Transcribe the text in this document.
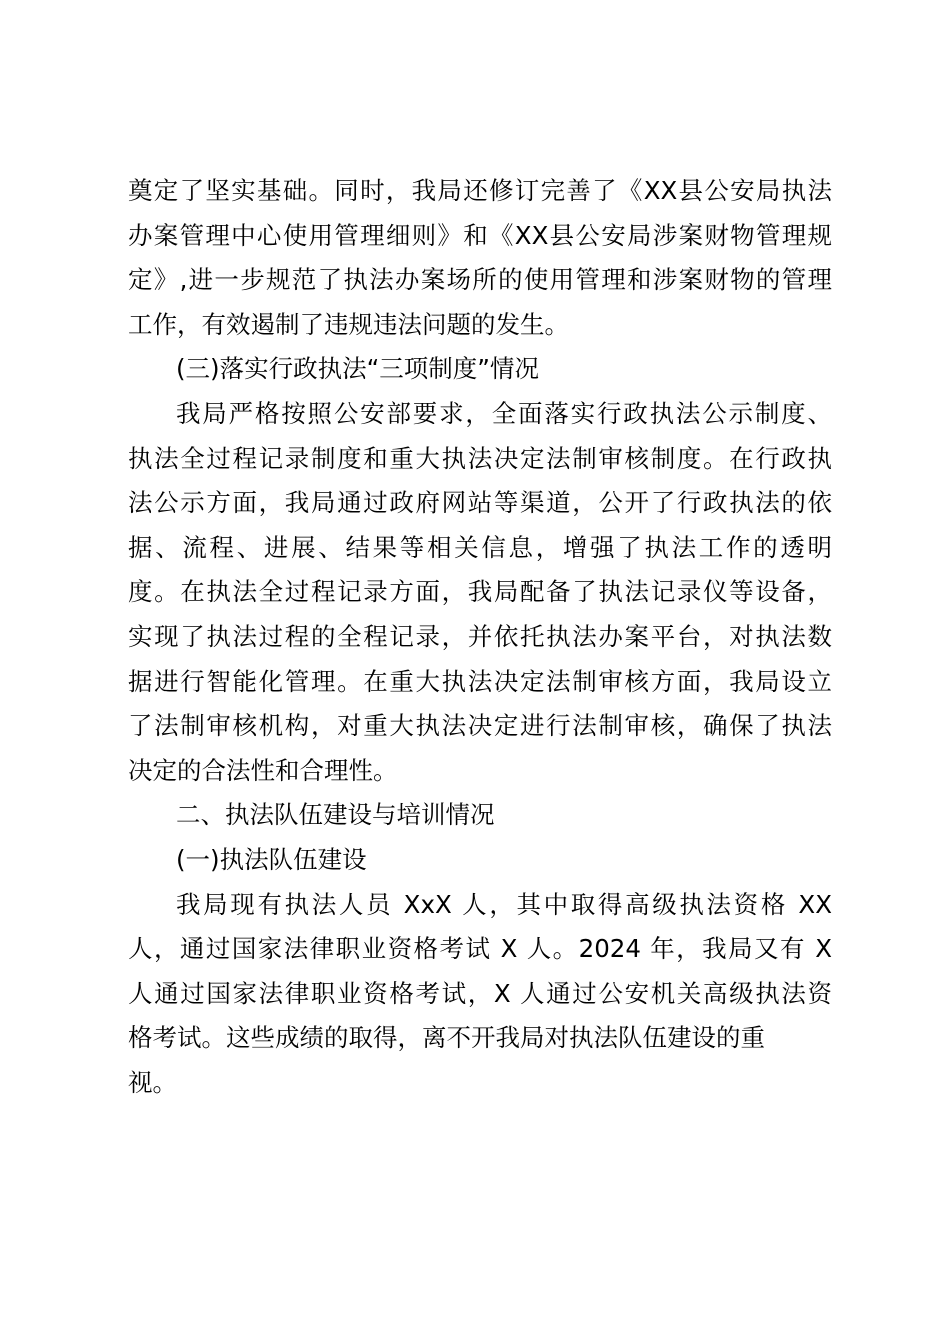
奠定了坚实基础。同时，我局还修订完善了《XX县公安局执法
办案管理中心使用管理细则》和《XX县公安局涉案财物管理规
定》,进一步规范了执法办案场所的使用管理和涉案财物的管理
工作，有效遏制了违规违法问题的发生。
(三)落实行政执法“三项制度”情况
我局严格按照公安部要求，全面落实行政执法公示制度、
执法全过程记录制度和重大执法决定法制审核制度。在行政执
法公示方面，我局通过政府网站等渠道，公开了行政执法的依
据、流程、进展、结果等相关信息，增强了执法工作的透明
度。在执法全过程记录方面，我局配备了执法记录仪等设备，
实现了执法过程的全程记录，并依托执法办案平台，对执法数
据进行智能化管理。在重大执法决定法制审核方面，我局设立
了法制审核机构，对重大执法决定进行法制审核，确保了执法
决定的合法性和合理性。
二、执法队伍建设与培训情况
(一)执法队伍建设
我局现有执法人员 XxX 人，其中取得高级执法资格 XX
人，通过国家法律职业资格考试 X 人。2024 年，我局又有 X
人通过国家法律职业资格考试，X 人通过公安机关高级执法资
格考试。这些成绩的取得，离不开我局对执法队伍建设的重
视。
